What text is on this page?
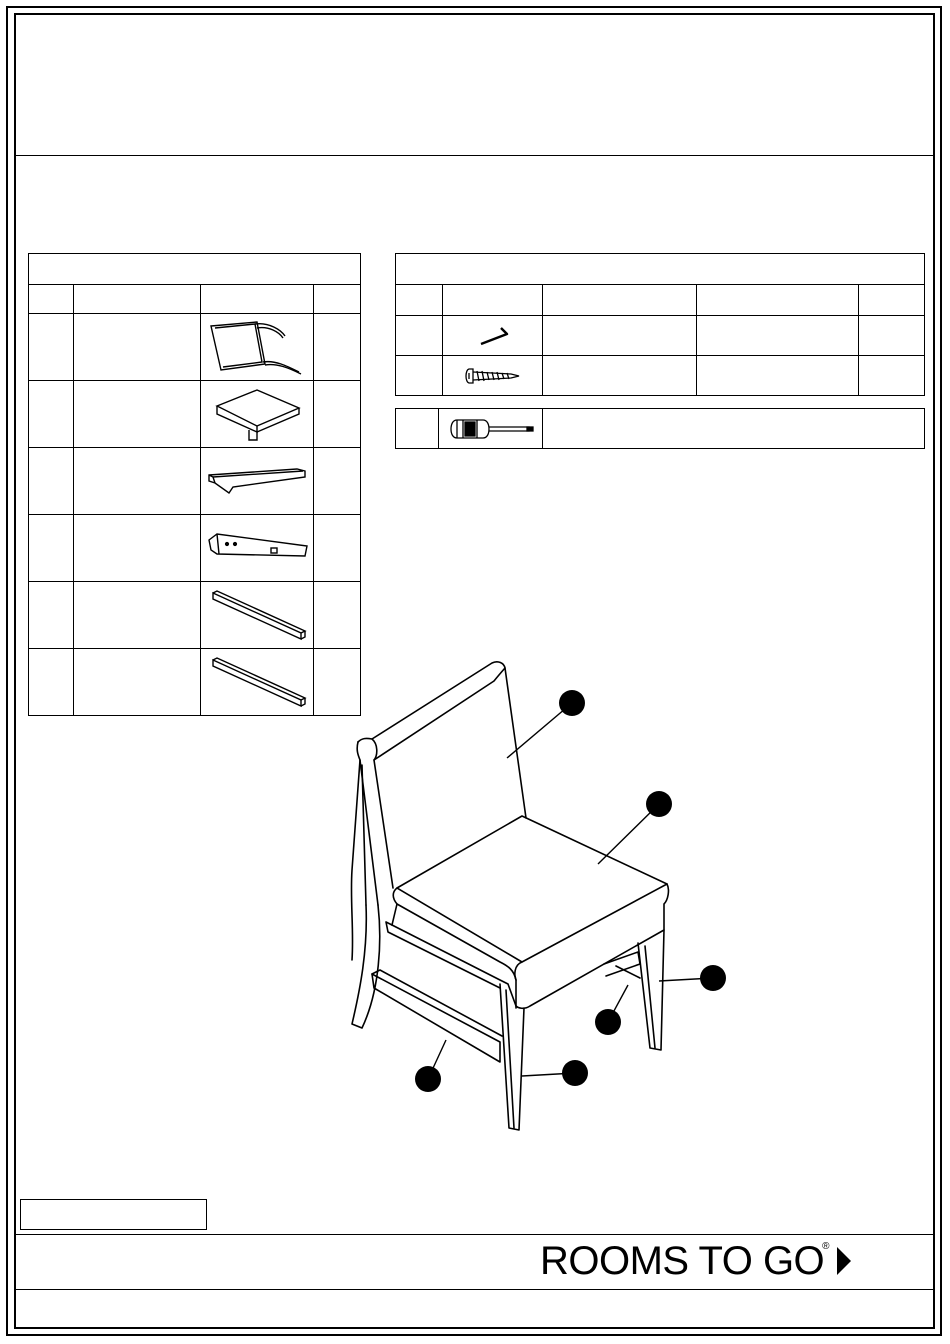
ROOMS TO GO
®
